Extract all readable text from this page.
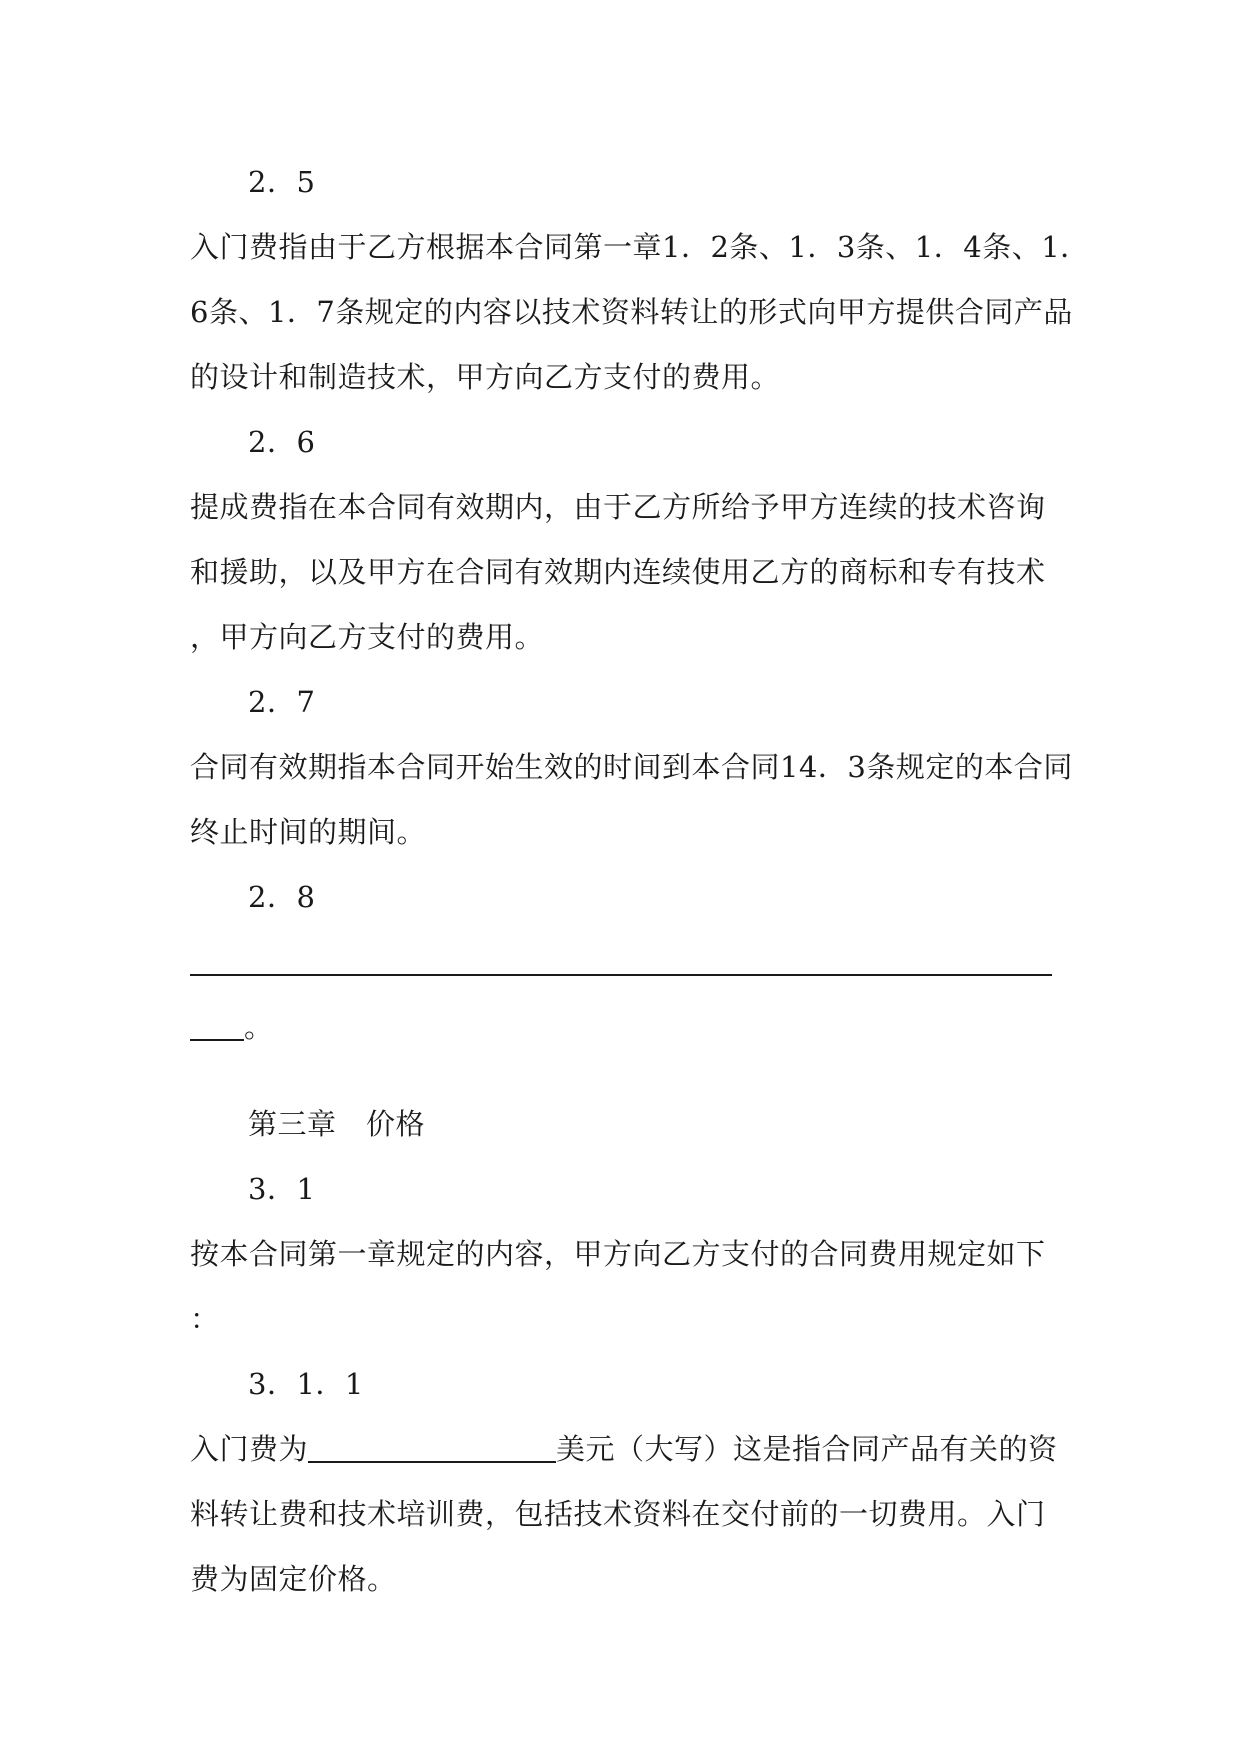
2．5
入门费指由于乙方根据本合同第一章1．2条、1．3条、1．4条、1．
6条、1．7条规定的内容以技术资料转让的形式向甲方提供合同产品
的设计和制造技术，甲方向乙方支付的费用。
2．6
提成费指在本合同有效期内，由于乙方所给予甲方连续的技术咨询
和援助，以及甲方在合同有效期内连续使用乙方的商标和专有技术
，甲方向乙方支付的费用。
2．7
合同有效期指本合同开始生效的时间到本合同14．3条规定的本合同
终止时间的期间。
2．8
。
第三章　价格
3．1
按本合同第一章规定的内容，甲方向乙方支付的合同费用规定如下
：
3．1．1
入门费为	美元（大写）这是指合同产品有关的资
料转让费和技术培训费，包括技术资料在交付前的一切费用。入门
费为固定价格。
